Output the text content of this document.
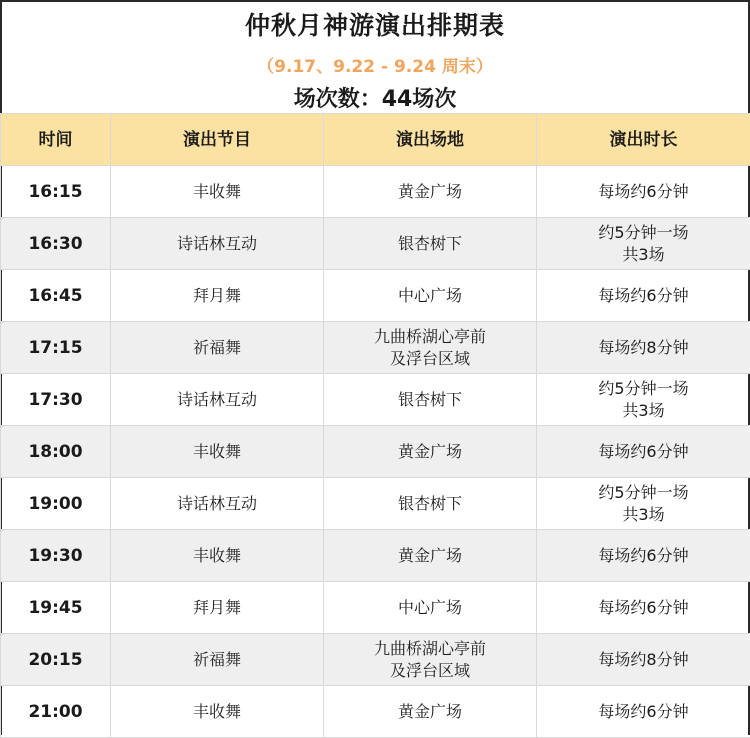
仲秋月神游演出排期表
（9.17、9.22 - 9.24 周末）
场次数：44场次
时间	演出节目	演出场地	演出时长
16:15	丰收舞	黄金广场	每场约6分钟

16:30	诗话林互动	银杏树下	约5分钟一场
共3场

16:45	拜月舞	中心广场	每场约6分钟

17:15	祈福舞	九曲桥湖心亭前
及浮台区域	每场约8分钟

17:30	诗话林互动	银杏树下	约5分钟一场
共3场

18:00	丰收舞	黄金广场	每场约6分钟

19:00	诗话林互动	银杏树下	约5分钟一场
共3场

19:30	丰收舞	黄金广场	每场约6分钟

19:45	拜月舞	中心广场	每场约6分钟

20:15	祈福舞	九曲桥湖心亭前
及浮台区域	每场约8分钟

21:00	丰收舞	黄金广场	每场约6分钟
